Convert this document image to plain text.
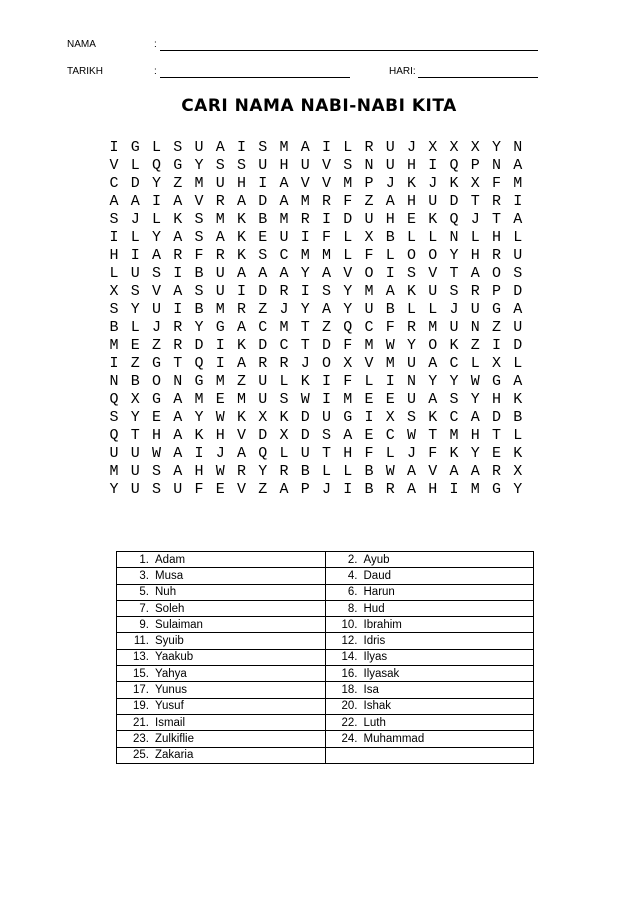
NAMA	:
TARIKH	:	HARI:
CARI NAMA NABI-NABI KITA
I G L S U A I S M A I L R U J X X X Y N
V L Q G Y S S U H U V S N U H I Q P N A
C D Y Z M U H I A V V M P J K J K X F M
A A I A V R A D A M R F Z A H U D T R I
S J L K S M K B M R I D U H E K Q J T A
I L Y A S A K E U I F L X B L L N L H L
H I A R F R K S C M M L F L O O Y H R U
L U S I B U A A A Y A V O I S V T A O S
X S V A S U I D R I S Y M A K U S R P D
S Y U I B M R Z J Y A Y U B L L J U G A
B L J R Y G A C M T Z Q C F R M U N Z U
M E Z R D I K D C T D F M W Y O K Z I D
I Z G T Q I A R R J O X V M U A C L X L
N B O N G M Z U L K I F L I N Y Y W G A
Q X G A M E M U S W I M E E U A S Y H K
S Y E A Y W K X K D U G I X S K C A D B
Q T H A K H V D X D S A E C W T M H T L
U U W A I J A Q L U T H F L J F K Y E K
M U S A H W R Y R B L L B W A V A A R X
Y U S U F E V Z A P J I B R A H I M G Y
1. Adam	2. Ayub
3. Musa	4. Daud
5. Nuh	6. Harun
7. Soleh	8. Hud
9. Sulaiman	10. Ibrahim
11. Syuib	12. Idris
13. Yaakub	14. Ilyas
15. Yahya	16. Ilyasak
17. Yunus	18. Isa
19. Yusuf	20. Ishak
21. Ismail	22. Luth
23. Zulkiflie	24. Muhammad
25. Zakaria	
